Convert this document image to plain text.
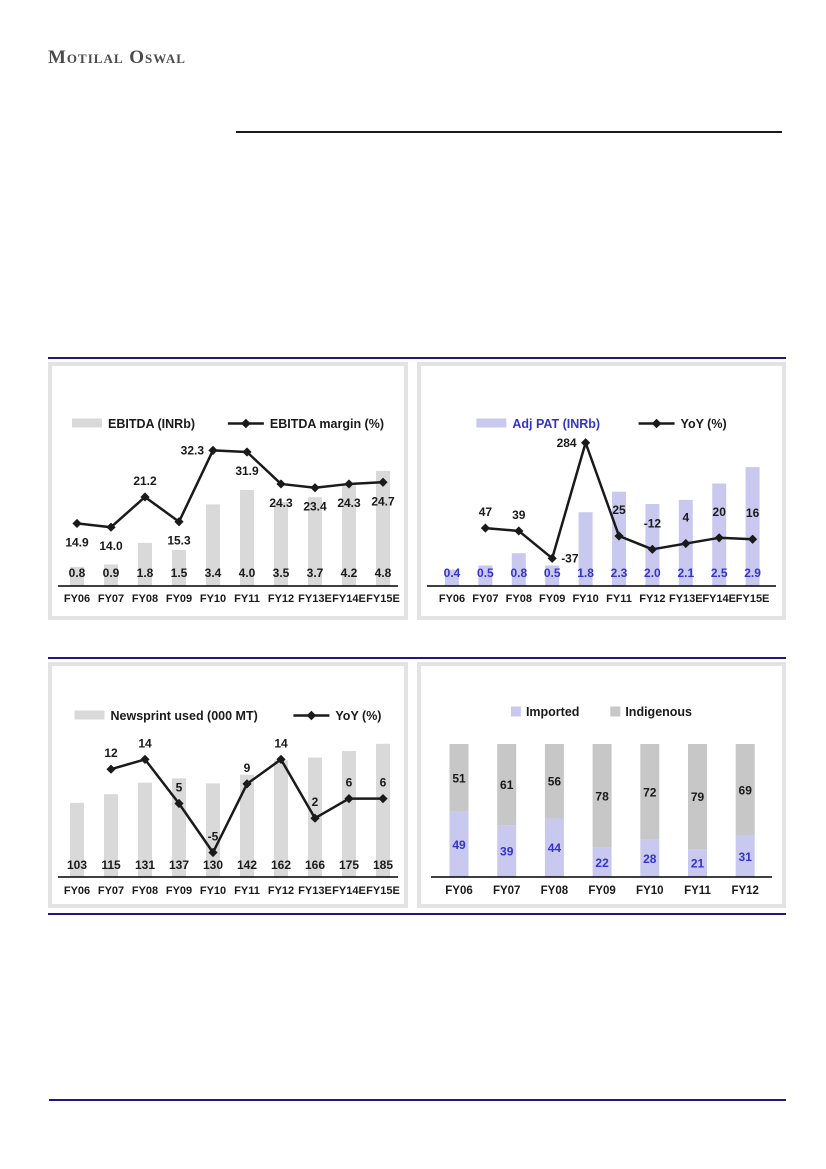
Motilal Oswal
0.8 0.9 1.8 1.5 3.4 4.0 3.5 3.7 4.2 4.8
14.9 14.0
21.2
15.3
32.3
31.9
24.3 23.4 24.3 24.7
FY06 FY07 FY08 FY09 FY10 FY11 FY12 FY13E FY14E FY15E
EBITDA (INRb)	EBITDA margin (%)
0.4 0.5 0.8 0.5 1.8 2.3 2.0 2.1 2.5 2.9
47 39
-37
284
25
-12 4 20 16
FY06 FY07 FY08 FY09 FY10 FY11 FY12 FY13E FY14E FY15E
Adj PAT (INRb)	YoY (%)
103 115 131 137 130 142 162 166 175 185
12
14
5
-5
9
14
2
6 6
FY06 FY07 FY08 FY09 FY10 FY11 FY12 FY13E FY14E FY15E
Newsprint used (000 MT)	YoY (%)
49
51
39
61
44
56
22
78
28
72
21
79
31
69
FY06 FY07 FY08 FY09 FY10 FY11 FY12
Imported	Indigenous
